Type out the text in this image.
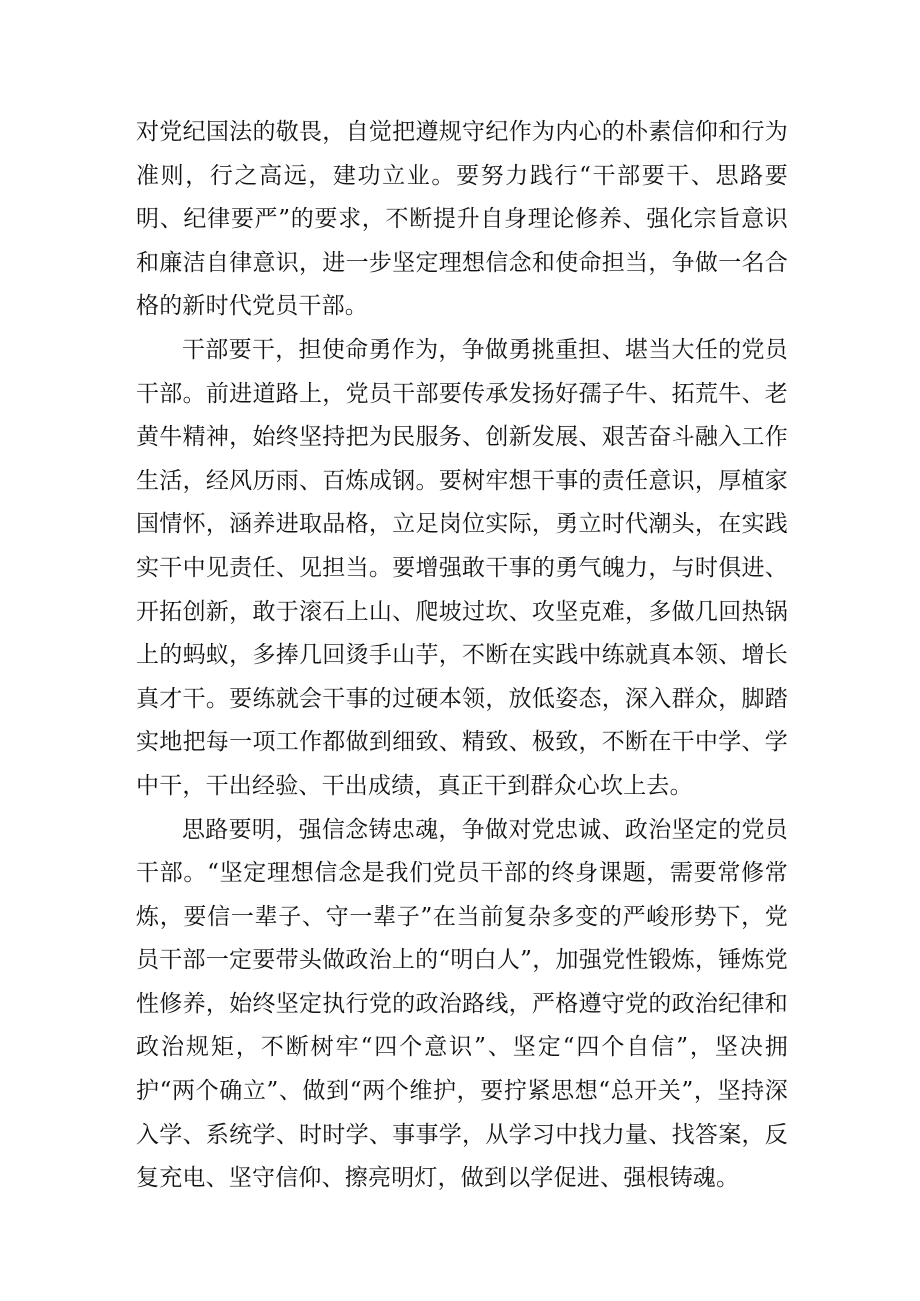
对党纪国法的敬畏，自觉把遵规守纪作为内心的朴素信仰和行为准则，行之高远，建功立业。要努力践行“干部要干、思路要明、纪律要严”的要求，不断提升自身理论修养、强化宗旨意识和廉洁自律意识，进一步坚定理想信念和使命担当，争做一名合格的新时代党员干部。

干部要干，担使命勇作为，争做勇挑重担、堪当大任的党员干部。前进道路上，党员干部要传承发扬好孺子牛、拓荒牛、老黄牛精神，始终坚持把为民服务、创新发展、艰苦奋斗融入工作生活，经风历雨、百炼成钢。要树牢想干事的责任意识，厚植家国情怀，涵养进取品格，立足岗位实际，勇立时代潮头，在实践实干中见责任、见担当。要增强敢干事的勇气魄力，与时俱进、开拓创新，敢于滚石上山、爬坡过坎、攻坚克难，多做几回热锅上的蚂蚁，多捧几回烫手山芋，不断在实践中练就真本领、增长真才干。要练就会干事的过硬本领，放低姿态，深入群众，脚踏实地把每一项工作都做到细致、精致、极致，不断在干中学、学中干，干出经验、干出成绩，真正干到群众心坎上去。

思路要明，强信念铸忠魂，争做对党忠诚、政治坚定的党员干部。“坚定理想信念是我们党员干部的终身课题，需要常修常炼，要信一辈子、守一辈子”在当前复杂多变的严峻形势下，党员干部一定要带头做政治上的“明白人”，加强党性锻炼，锤炼党性修养，始终坚定执行党的政治路线，严格遵守党的政治纪律和政治规矩，不断树牢“四个意识”、坚定“四个自信”，坚决拥护“两个确立”、做到“两个维护，要拧紧思想“总开关”，坚持深入学、系统学、时时学、事事学，从学习中找力量、找答案，反复充电、坚守信仰、擦亮明灯，做到以学促进、强根铸魂。
